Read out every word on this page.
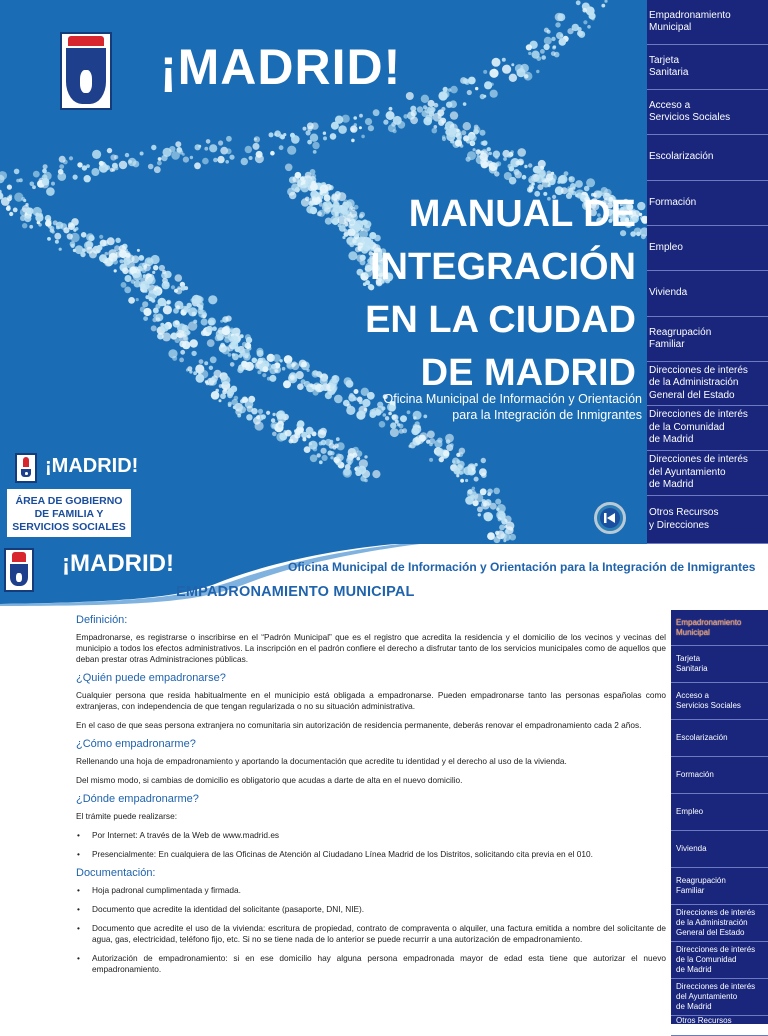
¡MADRID!
MANUAL DE
INTEGRACIÓN
EN LA CIUDAD
DE MADRID
Oficina Municipal de Información y Orientación
para la Integración de Inmigrantes
¡MADRID!
ÁREA DE GOBIERNO
DE FAMILIA Y
SERVICIOS SOCIALES
Empadronamiento
Municipal
Tarjeta
Sanitaria
Acceso a
Servicios Sociales
Escolarización
Formación
Empleo
Vivienda
Reagrupación
Familiar
Direcciones de interés
de la Administración
General del Estado
Direcciones de interés
de la Comunidad
de Madrid
Direcciones de interés
del Ayuntamiento
de Madrid
Otros Recursos
y Direcciones
¡MADRID!	Oficina Municipal de Información y Orientación para la Integración de Inmigrantes
EMPADRONAMIENTO MUNICIPAL
Definición:
Empadronarse, es registrarse o inscribirse en el “Padrón Municipal” que es el registro que acredita la residencia y el domicilio de los vecinos y vecinas del municipio a todos los efectos administrativos. La inscripción en el padrón confiere el derecho a disfrutar tanto de los servicios municipales como de aquellos que deban prestar otras Administraciones públicas.
¿Quién puede empadronarse?
Cualquier persona que resida habitualmente en el municipio está obligada a empadronarse. Pueden empadronarse tanto las personas españolas como extranjeras, con independencia de que tengan regularizada o no su situación administrativa.
En el caso de que seas persona extranjera no comunitaria sin autorización de residencia permanente, deberás renovar el empadronamiento cada 2 años.
¿Cómo empadronarme?
Rellenando una hoja de empadronamiento y aportando la documentación que acredite tu identidad y el derecho al uso de la vivienda.
Del mismo modo, si cambias de domicilio es obligatorio que acudas a darte de alta en el nuevo domicilio.
¿Dónde empadronarme?
El trámite puede realizarse:
• Por Internet: A través de la Web de www.madrid.es
• Presencialmente: En cualquiera de las Oficinas de Atención al Ciudadano Línea Madrid de los Distritos, solicitando cita previa en el 010.
Documentación:
• Hoja padronal cumplimentada y firmada.
• Documento que acredite la identidad del solicitante (pasaporte, DNI, NIE).
• Documento que acredite el uso de la vivienda: escritura de propiedad, contrato de compraventa o alquiler, una factura emitida a nombre del solicitante de agua, gas, electricidad, teléfono fijo, etc. Si no se tiene nada de lo anterior se puede recurrir a una autorización de empadronamiento.
• Autorización de empadronamiento: si en ese domicilio hay alguna persona empadronada mayor de edad esta tiene que autorizar el nuevo empadronamiento.
Empadronamiento
Municipal
Tarjeta
Sanitaria
Acceso a
Servicios Sociales
Escolarización
Formación
Empleo
Vivienda
Reagrupación
Familiar
Direcciones de interés
de la Administración
General del Estado
Direcciones de interés
de la Comunidad
de Madrid
Direcciones de interés
del Ayuntamiento
de Madrid
Otros Recursos
y Direcciones
